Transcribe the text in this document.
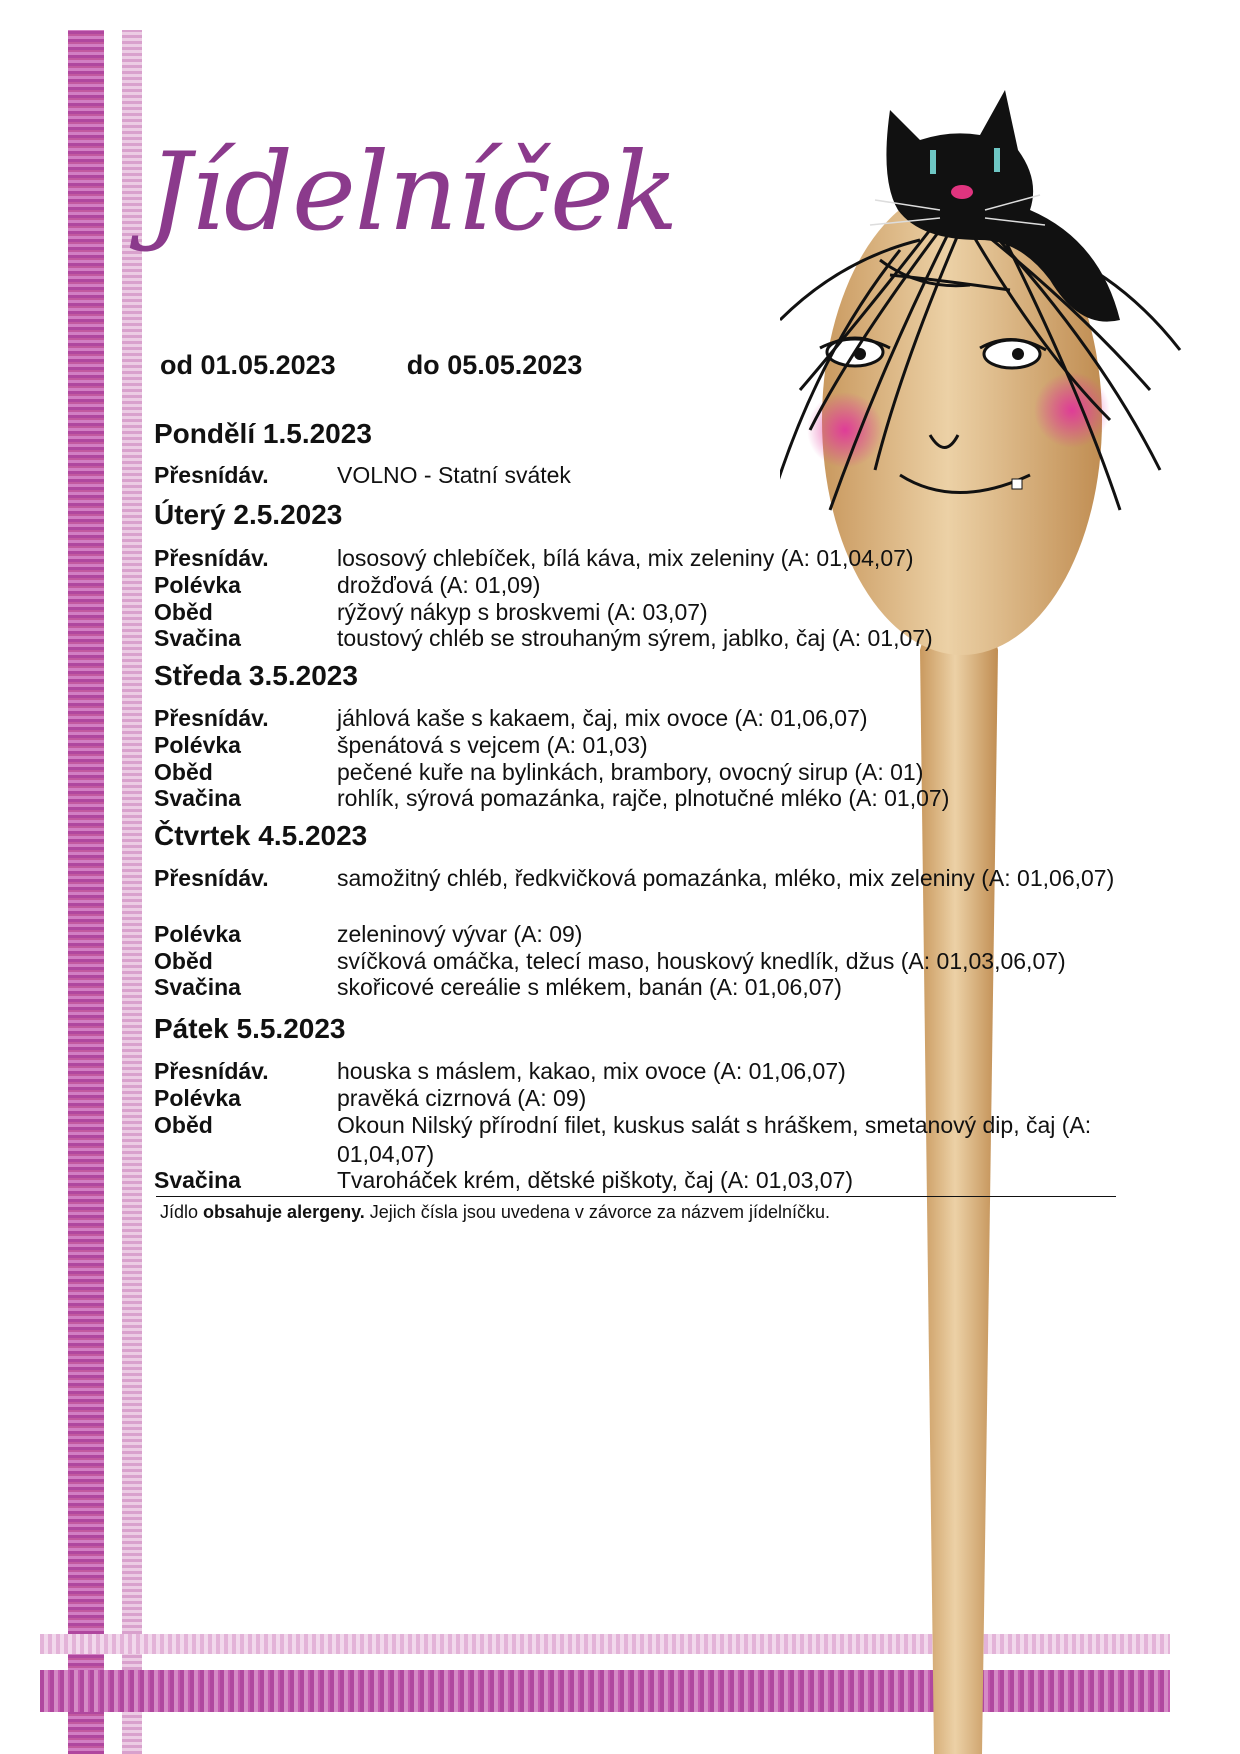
Jídelníček
od 01.05.2023	do 05.05.2023
Pondělí 1.5.2023
Přesnídáv.	VOLNO - Statní svátek
Úterý 2.5.2023
Přesnídáv.	lososový chlebíček, bílá káva, mix zeleniny (A: 01,04,07)
Polévka	drožďová (A: 01,09)
Oběd	rýžový nákyp s broskvemi (A: 03,07)
Svačina	toustový chléb se strouhaným sýrem, jablko, čaj (A: 01,07)
Středa 3.5.2023
Přesnídáv.	jáhlová kaše s kakaem, čaj, mix ovoce (A: 01,06,07)
Polévka	špenátová s vejcem (A: 01,03)
Oběd	pečené kuře na bylinkách, brambory, ovocný sirup (A: 01)
Svačina	rohlík, sýrová pomazánka, rajče, plnotučné mléko (A: 01,07)
Čtvrtek 4.5.2023
Přesnídáv.	samožitný chléb, ředkvičková pomazánka, mléko, mix zeleniny (A: 01,06,07)
Polévka	zeleninový vývar (A: 09)
Oběd	svíčková omáčka, telecí maso, houskový knedlík, džus (A: 01,03,06,07)
Svačina	skořicové cereálie s mlékem, banán (A: 01,06,07)
Pátek 5.5.2023
Přesnídáv.	houska s máslem, kakao, mix ovoce (A: 01,06,07)
Polévka	pravěká cizrnová (A: 09)
Oběd	Okoun Nilský přírodní filet, kuskus salát s hráškem, smetanový dip, čaj (A: 01,04,07)
Svačina	Tvaroháček krém, dětské piškoty, čaj (A: 01,03,07)
Jídlo obsahuje alergeny. Jejich čísla jsou uvedena v závorce za názvem jídelníčku.
